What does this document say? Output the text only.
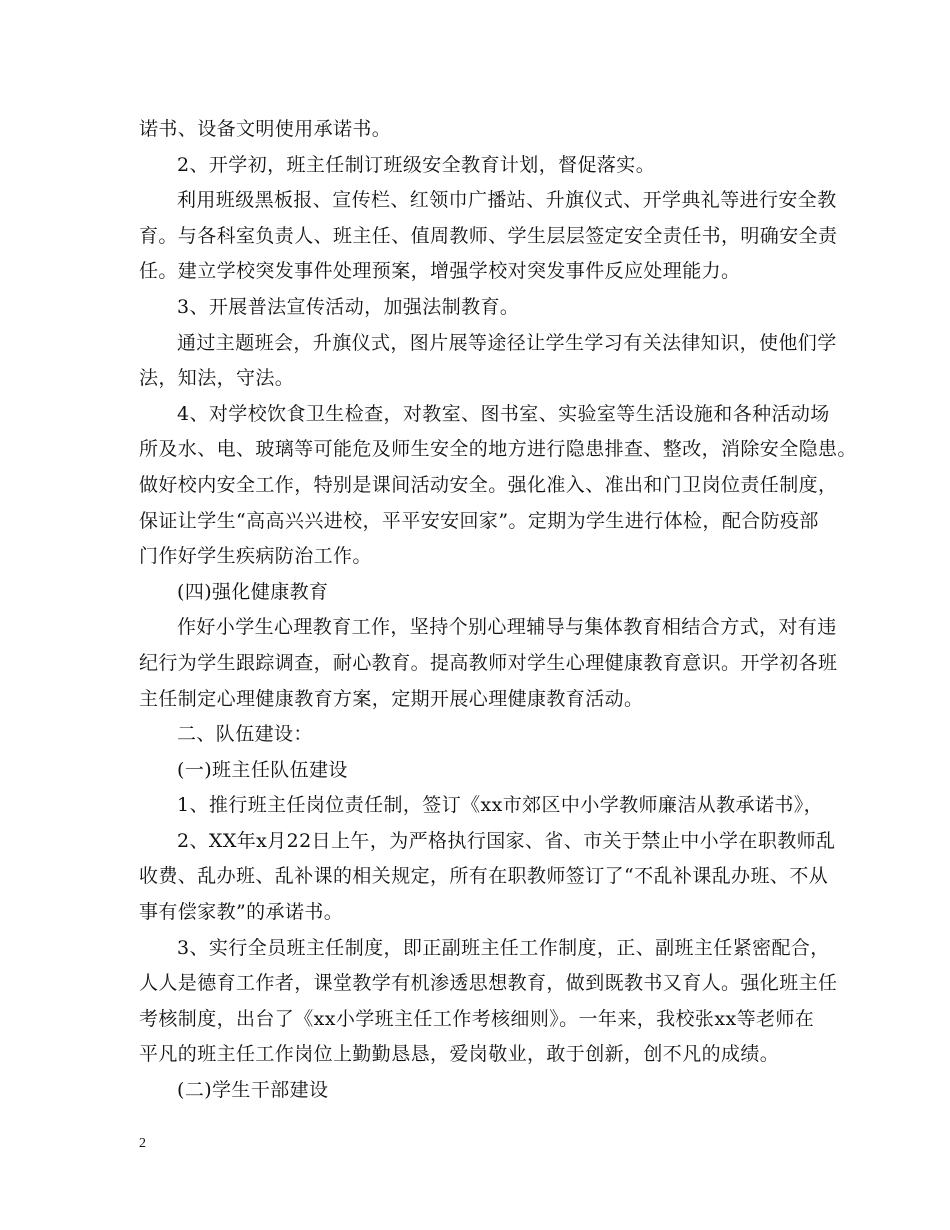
诺书、设备文明使用承诺书。
2、开学初，班主任制订班级安全教育计划，督促落实。
利用班级黑板报、宣传栏、红领巾广播站、升旗仪式、开学典礼等进行安全教
育。与各科室负责人、班主任、值周教师、学生层层签定安全责任书，明确安全责
任。建立学校突发事件处理预案，增强学校对突发事件反应处理能力。
3、开展普法宣传活动，加强法制教育。
通过主题班会，升旗仪式，图片展等途径让学生学习有关法律知识，使他们学
法，知法，守法。
4、对学校饮食卫生检查，对教室、图书室、实验室等生活设施和各种活动场
所及水、电、玻璃等可能危及师生安全的地方进行隐患排查、整改，消除安全隐患。
做好校内安全工作，特别是课间活动安全。强化准入、准出和门卫岗位责任制度，
保证让学生“高高兴兴进校，平平安安回家”。定期为学生进行体检，配合防疫部
门作好学生疾病防治工作。
(四)强化健康教育
作好小学生心理教育工作，坚持个别心理辅导与集体教育相结合方式，对有违
纪行为学生跟踪调查，耐心教育。提高教师对学生心理健康教育意识。开学初各班
主任制定心理健康教育方案，定期开展心理健康教育活动。
二、队伍建设：
(一)班主任队伍建设
1、推行班主任岗位责任制，签订《xx市郊区中小学教师廉洁从教承诺书》，
2、XX年x月22日上午，为严格执行国家、省、市关于禁止中小学在职教师乱
收费、乱办班、乱补课的相关规定，所有在职教师签订了“不乱补课乱办班、不从
事有偿家教”的承诺书。
3、实行全员班主任制度，即正副班主任工作制度，正、副班主任紧密配合，
人人是德育工作者，课堂教学有机渗透思想教育，做到既教书又育人。强化班主任
考核制度，出台了《xx小学班主任工作考核细则》。一年来，我校张xx等老师在
平凡的班主任工作岗位上勤勤恳恳，爱岗敬业，敢于创新，创不凡的成绩。
(二)学生干部建设
2
